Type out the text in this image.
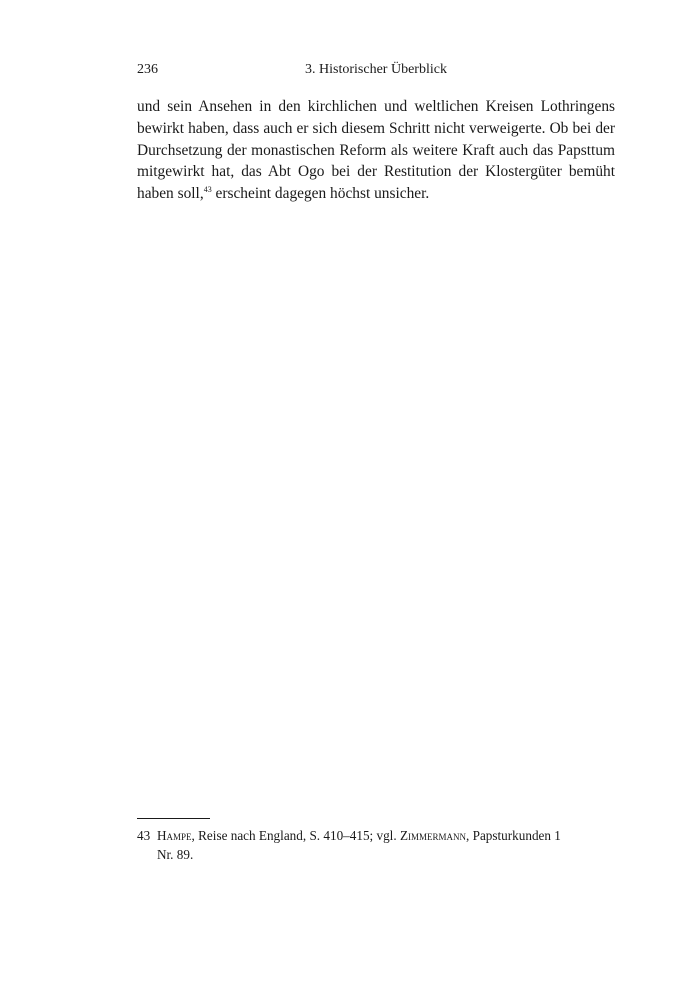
236	3. Historischer Überblick

und sein Ansehen in den kirchlichen und weltlichen Kreisen Lothringens bewirkt haben, dass auch er sich diesem Schritt nicht verweigerte. Ob bei der Durchsetzung der monastischen Reform als weitere Kraft auch das Papsttum mitgewirkt hat, das Abt Ogo bei der Restitution der Klostergüter bemüht haben soll,$^{43}$ erscheint dagegen höchst unsicher.

43 Hampe, Reise nach England, S. 410–415; vgl. Zimmermann, Papsturkunden 1
Nr. 89.
